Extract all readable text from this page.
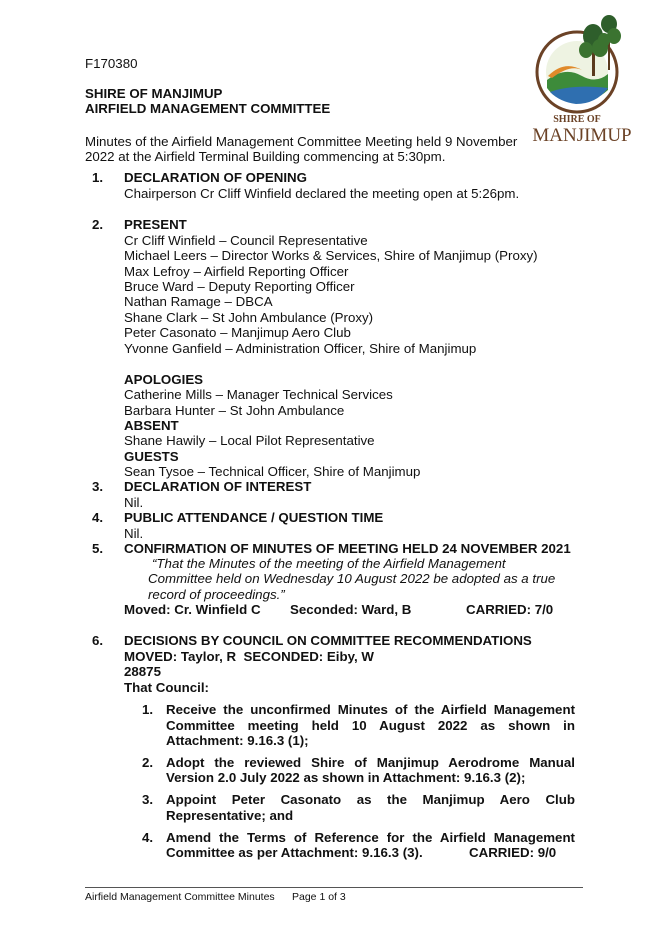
F170380
SHIRE OF MANJIMUP
AIRFIELD MANAGEMENT COMMITTEE
Minutes of the Airfield Management Committee Meeting held 9 November
2022 at the Airfield Terminal Building commencing at 5:30pm.
SHIRE OF
MANJIMUP
1. DECLARATION OF OPENING
Chairperson Cr Cliff Winfield declared the meeting open at 5:26pm.
2. PRESENT
Cr Cliff Winfield – Council Representative
Michael Leers – Director Works & Services, Shire of Manjimup (Proxy)
Max Lefroy – Airfield Reporting Officer
Bruce Ward – Deputy Reporting Officer
Nathan Ramage – DBCA
Shane Clark – St John Ambulance (Proxy)
Peter Casonato – Manjimup Aero Club
Yvonne Ganfield – Administration Officer, Shire of Manjimup
APOLOGIES
Catherine Mills – Manager Technical Services
Barbara Hunter – St John Ambulance
ABSENT
Shane Hawily – Local Pilot Representative
GUESTS
Sean Tysoe – Technical Officer, Shire of Manjimup
3. DECLARATION OF INTEREST
Nil.
4. PUBLIC ATTENDANCE / QUESTION TIME
Nil.
5. CONFIRMATION OF MINUTES OF MEETING HELD 24 NOVEMBER 2021
“That the Minutes of the meeting of the Airfield Management
Committee held on Wednesday 10 August 2022 be adopted as a true
record of proceedings.”
Moved: Cr. Winfield C Seconded: Ward, B	CARRIED: 7/0
6. DECISIONS BY COUNCIL ON COMMITTEE RECOMMENDATIONS
MOVED: Taylor, R  SECONDED: Eiby, W
28875
That Council:
1. Receive the unconfirmed Minutes of the Airfield Management
Committee meeting held 10 August 2022 as shown in
Attachment: 9.16.3 (1);
2. Adopt the reviewed Shire of Manjimup Aerodrome Manual
Version 2.0 July 2022 as shown in Attachment: 9.16.3 (2);
3. Appoint Peter Casonato as the Manjimup Aero Club
Representative; and
4. Amend the Terms of Reference for the Airfield Management
Committee as per Attachment: 9.16.3 (3).	CARRIED: 9/0
Airfield Management Committee Minutes Page 1 of 3
